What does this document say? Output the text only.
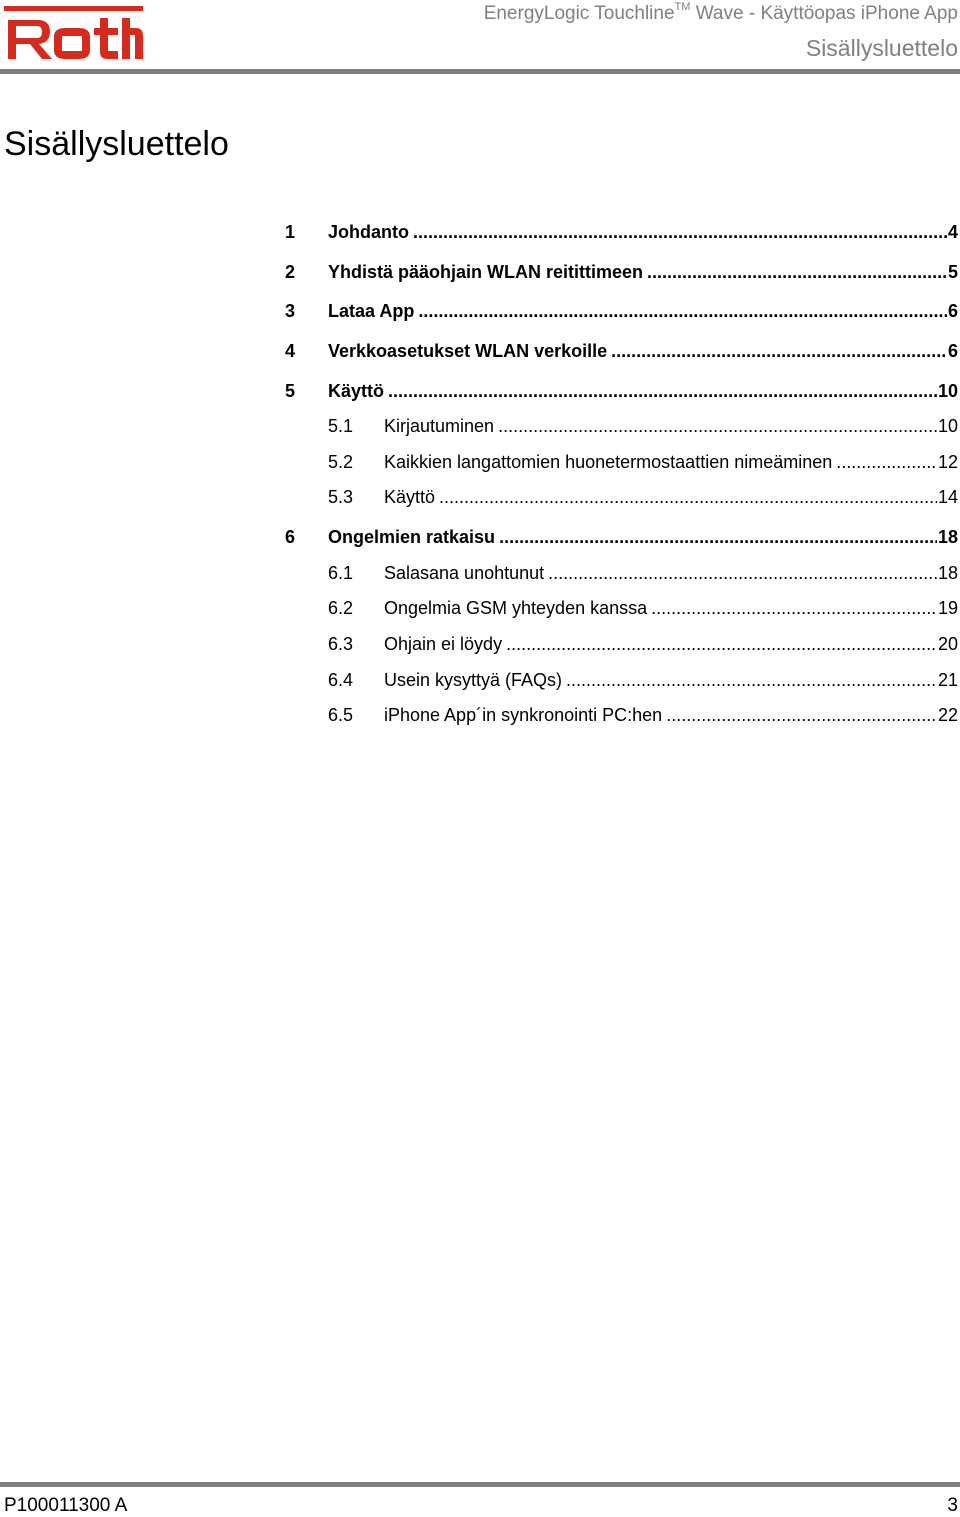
EnergyLogic Touchline™ Wave - Käyttöopas iPhone App
Sisällysluettelo
Sisällysluettelo
1	Johdanto .....	4
2	Yhdistä pääohjain WLAN reitittimeen .....	5
3	Lataa App .....	6
4	Verkkoasetukset WLAN verkoille .....	6
5	Käyttö .....	10
5.1	Kirjautuminen .....	10
5.2	Kaikkien langattomien huonetermostaattien nimeäminen .....	12
5.3	Käyttö .....	14
6	Ongelmien ratkaisu .....	18
6.1	Salasana unohtunut .....	18
6.2	Ongelmia GSM yhteyden kanssa .....	19
6.3	Ohjain ei löydy .....	20
6.4	Usein kysyttyä (FAQs) .....	21
6.5	iPhone App´in synkronointi PC:hen .....	22
P100011300 A	3
